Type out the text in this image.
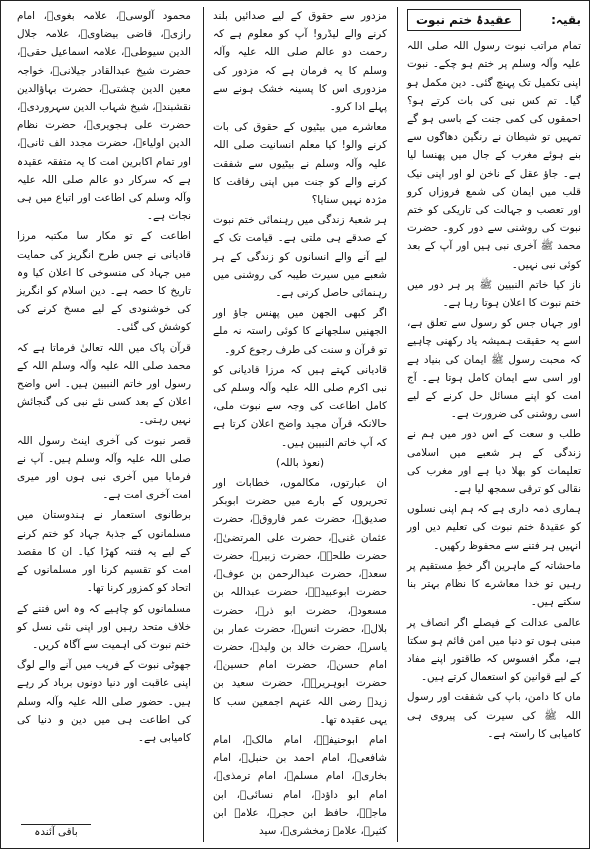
بقیہ:
عقیدۂ ختم نبوت

تمام مراتب نبوت رسول اللہ صلی اللہ علیہ وآلہ وسلم پر ختم ہو چکے۔ نبوت اپنی تکمیل تک پہنچ گئی۔ دین مکمل ہو گیا۔ تم کس نبی کی بات کرتے ہو؟ احمقوں کی کمی جنت کے باسی ہو گے تمہیں تو شیطان نے رنگین دھاگوں سے بنے ہوئے مغرب کے جال میں پھنسا لیا ہے۔ جاؤ عقل کے ناخن لو اور اپنی نیک قلب میں ایمان کی شمع فروزاں کرو اور تعصب و جہالت کی تاریکی کو ختم نبوت کی روشنی سے دور کرو۔ حضرت محمد ﷺ آخری نبی ہیں اور آپ کے بعد کوئی نبی نہیں۔

ناز کیا خاتم النبیین ﷺ پر ہر دور میں ختم نبوت کا اعلان ہوتا رہا ہے۔

اور جہاں جس کو رسول سے تعلق ہے، اسے یہ حقیقت ہمیشہ یاد رکھنی چاہیے کہ محبت رسول ﷺ ایمان کی بنیاد ہے اور اسی سے ایمان کامل ہوتا ہے۔ آج امت کو اپنے مسائل حل کرنے کے لیے اسی روشنی کی ضرورت ہے۔

طلب و سعت کے اس دور میں ہم نے زندگی کے ہر شعبے میں اسلامی تعلیمات کو بھلا دیا ہے اور مغرب کی نقالی کو ترقی سمجھ لیا ہے۔

ہماری ذمہ داری ہے کہ ہم اپنی نسلوں کو عقیدۂ ختم نبوت کی تعلیم دیں اور انہیں ہر فتنے سے محفوظ رکھیں۔

ماحشاتہ کے ماہرین اگر خطِ مستقیم پر رہیں تو خدا معاشرے کا نظام بہتر بنا سکتے ہیں۔

عالمی عدالت کے فیصلے اگر انصاف پر مبنی ہوں تو دنیا میں امن قائم ہو سکتا ہے، مگر افسوس کہ طاقتور اپنے مفاد کے لیے قوانین کو استعمال کرتے ہیں۔

ماں کا دامن، باپ کی شفقت اور رسول اللہ ﷺ کی سیرت کی پیروی ہی کامیابی کا راستہ ہے۔

مزدور سے حقوق کے لیے صدائیں بلند کرنے والے لیڈرو! آپ کو معلوم ہے کہ رحمت دو عالم صلی اللہ علیہ وآلہ وسلم کا یہ فرمان ہے کہ مزدور کی مزدوری اس کا پسینہ خشک ہونے سے پہلے ادا کرو۔

معاشرے میں بیٹیوں کے حقوق کی بات کرنے والو! کیا معلم انسانیت صلی اللہ علیہ وآلہ وسلم نے بیٹیوں سے شفقت کرنے والے کو جنت میں اپنی رفاقت کا مژدہ نہیں سنایا؟

ہر شعبۂ زندگی میں رہنمائی ختم نبوت کے صدقے ہی ملتی ہے۔ قیامت تک کے لیے آنے والے انسانوں کو زندگی کے ہر شعبے میں سیرت طیبہ کی روشنی میں رہنمائی حاصل کرنی ہے۔

اگر کبھی الجھن میں پھنس جاؤ اور الجھنیں سلجھانے کا کوئی راستہ نہ ملے تو قرآن و سنت کی طرف رجوع کرو۔

قادیانی کہتے ہیں کہ مرزا قادیانی کو نبی اکرم صلی اللہ علیہ وآلہ وسلم کی کامل اطاعت کی وجہ سے نبوت ملی، حالانکہ قرآن مجید واضح اعلان کرتا ہے کہ آپ خاتم النبیین ہیں۔

(نعوذ باللہ)

ان عبارتوں، مکالموں، خطابات اور تحریروں کے بارے میں حضرت ابوبکر صدیقؓ، حضرت عمر فاروقؓ، حضرت عثمان غنیؓ، حضرت علی المرتضیٰؓ، حضرت طلحہؓ، حضرت زبیرؓ، حضرت سعدؓ، حضرت عبدالرحمن بن عوفؓ، حضرت ابوعبیدہؓ، حضرت عبداللہ بن مسعودؓ، حضرت ابو ذرؓ، حضرت بلالؓ، حضرت انسؓ، حضرت عمار بن یاسرؓ، حضرت خالد بن ولیدؓ، حضرت امام حسنؓ، حضرت امام حسینؓ، حضرت ابوہریرہؓ، حضرت سعید بن زیدؓ رضی اللہ عنہم اجمعین سب کا یہی عقیدہ تھا۔

امام ابوحنیفہؒ، امام مالکؒ، امام شافعیؒ، امام احمد بن حنبلؒ، امام بخاریؒ، امام مسلمؒ، امام ترمذیؒ، امام ابو داؤدؒ، امام نسائیؒ، ابن ماجہؒ، حافظ ابن حجرؒ، علامہ ابن کثیرؒ، علامہ زمخشریؒ، سید

محمود آلوسیؒ، علامہ بغویؒ، امام رازیؒ، قاضی بیضاویؒ، علامہ جلال الدین سیوطیؒ، علامہ اسماعیل حقیؒ، حضرت شیخ عبدالقادر جیلانیؒ، خواجہ معین الدین چشتیؒ، حضرت بہاؤالدین نقشبندؒ، شیخ شہاب الدین سہروردیؒ، حضرت علی ہجویریؒ، حضرت نظام الدین اولیاءؒ، حضرت مجدد الف ثانیؒ، اور تمام اکابرین امت کا یہ متفقہ عقیدہ ہے کہ سرکار دو عالم صلی اللہ علیہ وآلہ وسلم کی اطاعت اور اتباع میں ہی نجات ہے۔

اطاعت کے تو مکار سا مکتبہ مرزا قادیانی نے جس طرح انگریز کی حمایت میں جہاد کی منسوخی کا اعلان کیا وہ تاریخ کا حصہ ہے۔ دین اسلام کو انگریز کی خوشنودی کے لیے مسخ کرنے کی کوشش کی گئی۔

قرآن پاک میں اللہ تعالیٰ فرماتا ہے کہ محمد صلی اللہ علیہ وآلہ وسلم اللہ کے رسول اور خاتم النبیین ہیں۔ اس واضح اعلان کے بعد کسی نئے نبی کی گنجائش نہیں رہتی۔

قصر نبوت کی آخری اینٹ رسول اللہ صلی اللہ علیہ وآلہ وسلم ہیں۔ آپ نے فرمایا میں آخری نبی ہوں اور میری امت آخری امت ہے۔

برطانوی استعمار نے ہندوستان میں مسلمانوں کے جذبۂ جہاد کو ختم کرنے کے لیے یہ فتنہ کھڑا کیا۔ ان کا مقصد امت کو تقسیم کرنا اور مسلمانوں کے اتحاد کو کمزور کرنا تھا۔

مسلمانوں کو چاہیے کہ وہ اس فتنے کے خلاف متحد رہیں اور اپنی نئی نسل کو ختم نبوت کی اہمیت سے آگاہ کریں۔

جھوٹی نبوت کے فریب میں آنے والے لوگ اپنی عاقبت اور دنیا دونوں برباد کر رہے ہیں۔ حضور صلی اللہ علیہ وآلہ وسلم کی اطاعت ہی میں دین و دنیا کی کامیابی ہے۔

باقی آئندہ
